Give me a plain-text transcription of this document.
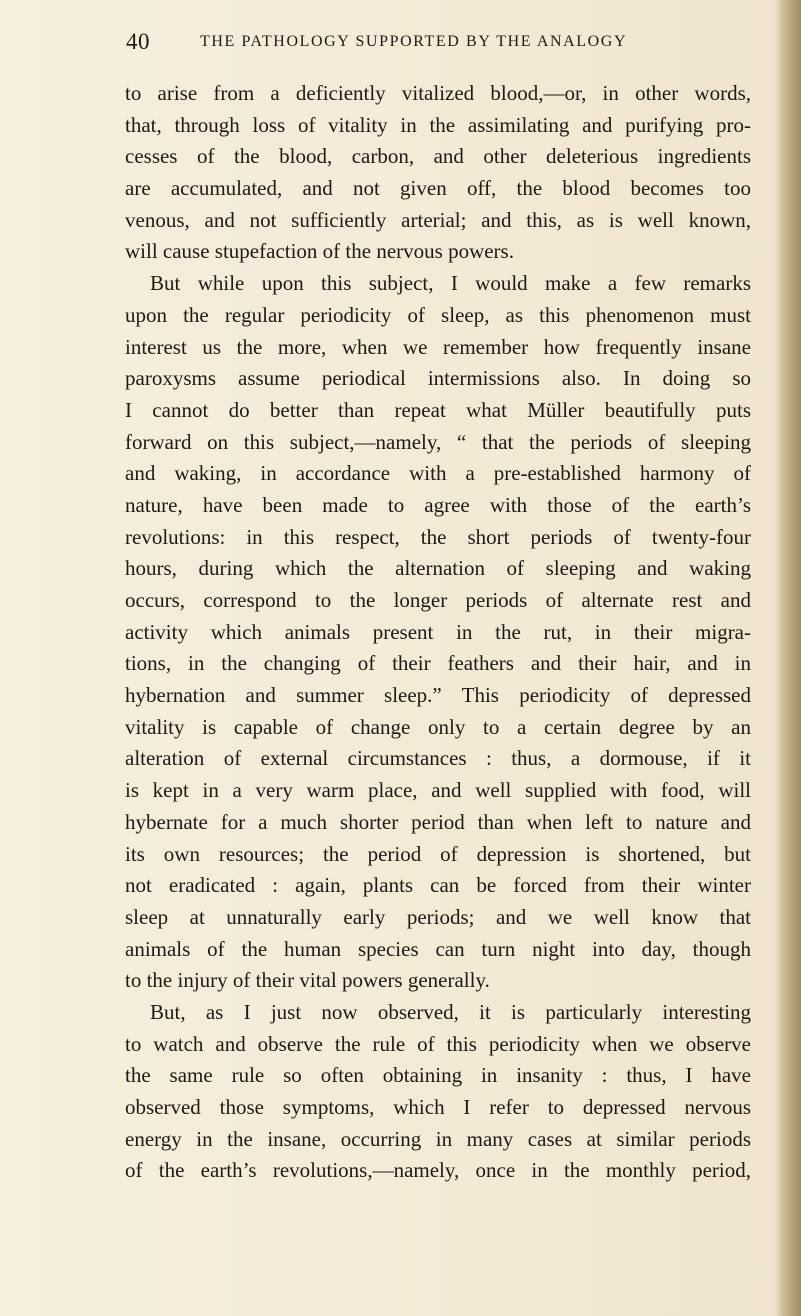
40	THE PATHOLOGY SUPPORTED BY THE ANALOGY
to arise from a deficiently vitalized blood,—or, in other words,
that, through loss of vitality in the assimilating and purifying pro-
cesses of the blood, carbon, and other deleterious ingredients
are accumulated, and not given off, the blood becomes too
venous, and not sufficiently arterial; and this, as is well known,
will cause stupefaction of the nervous powers.
But while upon this subject, I would make a few remarks
upon the regular periodicity of sleep, as this phenomenon must
interest us the more, when we remember how frequently insane
paroxysms assume periodical intermissions also. In doing so
I cannot do better than repeat what Müller beautifully puts
forward on this subject,—namely, “ that the periods of sleeping
and waking, in accordance with a pre-established harmony of
nature, have been made to agree with those of the earth’s
revolutions: in this respect, the short periods of twenty-four
hours, during which the alternation of sleeping and waking
occurs, correspond to the longer periods of alternate rest and
activity which animals present in the rut, in their migra-
tions, in the changing of their feathers and their hair, and in
hybernation and summer sleep.” This periodicity of depressed
vitality is capable of change only to a certain degree by an
alteration of external circumstances : thus, a dormouse, if it
is kept in a very warm place, and well supplied with food, will
hybernate for a much shorter period than when left to nature and
its own resources; the period of depression is shortened, but
not eradicated : again, plants can be forced from their winter
sleep at unnaturally early periods; and we well know that
animals of the human species can turn night into day, though
to the injury of their vital powers generally.
But, as I just now observed, it is particularly interesting
to watch and observe the rule of this periodicity when we observe
the same rule so often obtaining in insanity : thus, I have
observed those symptoms, which I refer to depressed nervous
energy in the insane, occurring in many cases at similar periods
of the earth’s revolutions,—namely, once in the monthly period,
